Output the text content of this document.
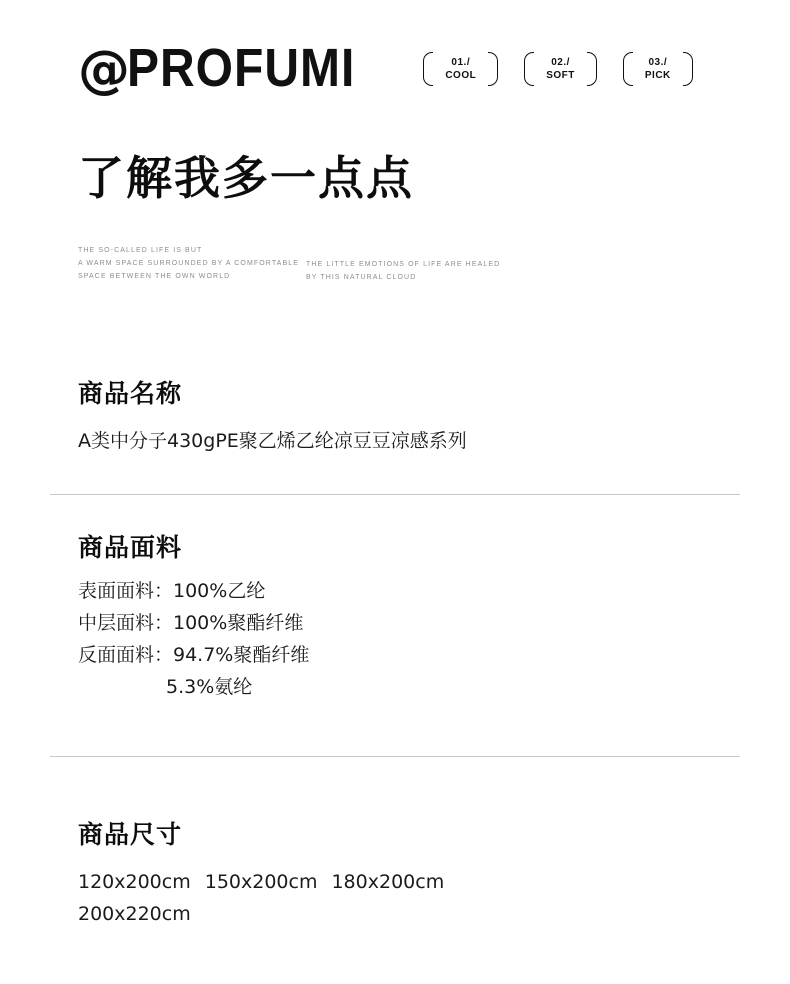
@
PROFUMI	01./
COOL
02./
SOFT
03./
PICK
了解我多一点点
THE SO-CALLED LIFE IS BUT
A WARM SPACE SURROUNDED BY A COMFORTABLE
SPACE BETWEEN THE OWN WORLD
THE LITTLE EMOTIONS OF LIFE ARE HEALED
BY THIS NATURAL CLOUD
商品名称
A类中分子430gPE聚乙烯乙纶凉豆豆凉感系列
商品面料
表面面料：100%乙纶
中层面料：100%聚酯纤维
反面面料：94.7%聚酯纤维
5.3%氨纶
商品尺寸
120x200cm 150x200cm 180x200cm
200x220cm
